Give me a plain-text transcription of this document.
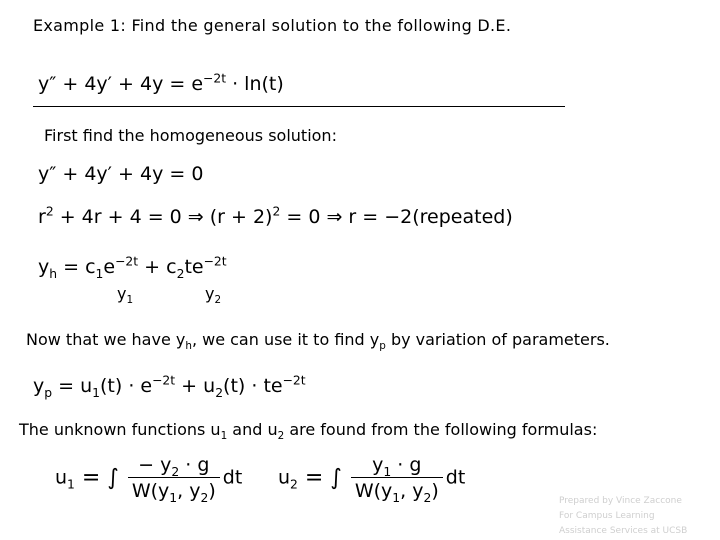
Example 1: Find the general solution to the following D.E.
$y'' + 4y' + 4y = e^{-2t} \cdot \ln(t)$
First find the homogeneous solution:
y″ + 4y′ + 4y = 0
$r^2 + 4r + 4 = 0$ ⇒ $(r + 2)^2 = 0$ ⇒ r = −2(repeated)
$y_h = c_1e^{-2t} + c_2te^{-2t}$
$y_1$	$y_2$
Now that we have $y_h$, we can use it to find $y_p$ by variation of parameters.
$y_p = u_1(t) \cdot e^{-2t} + u_2(t) \cdot te^{-2t}$
The unknown functions $u_1$ and $u_2$ are found from the following formulas:
$u_1$ = ∫ $\frac{- y_2 \cdot g}{W(y_1, y_2)}$ dt $u_2$ = ∫ $\frac{y_1 \cdot g}{W(y_1, y_2)}$ dt
Prepared by Vince Zaccone
For Campus Learning
Assistance Services at UCSB
